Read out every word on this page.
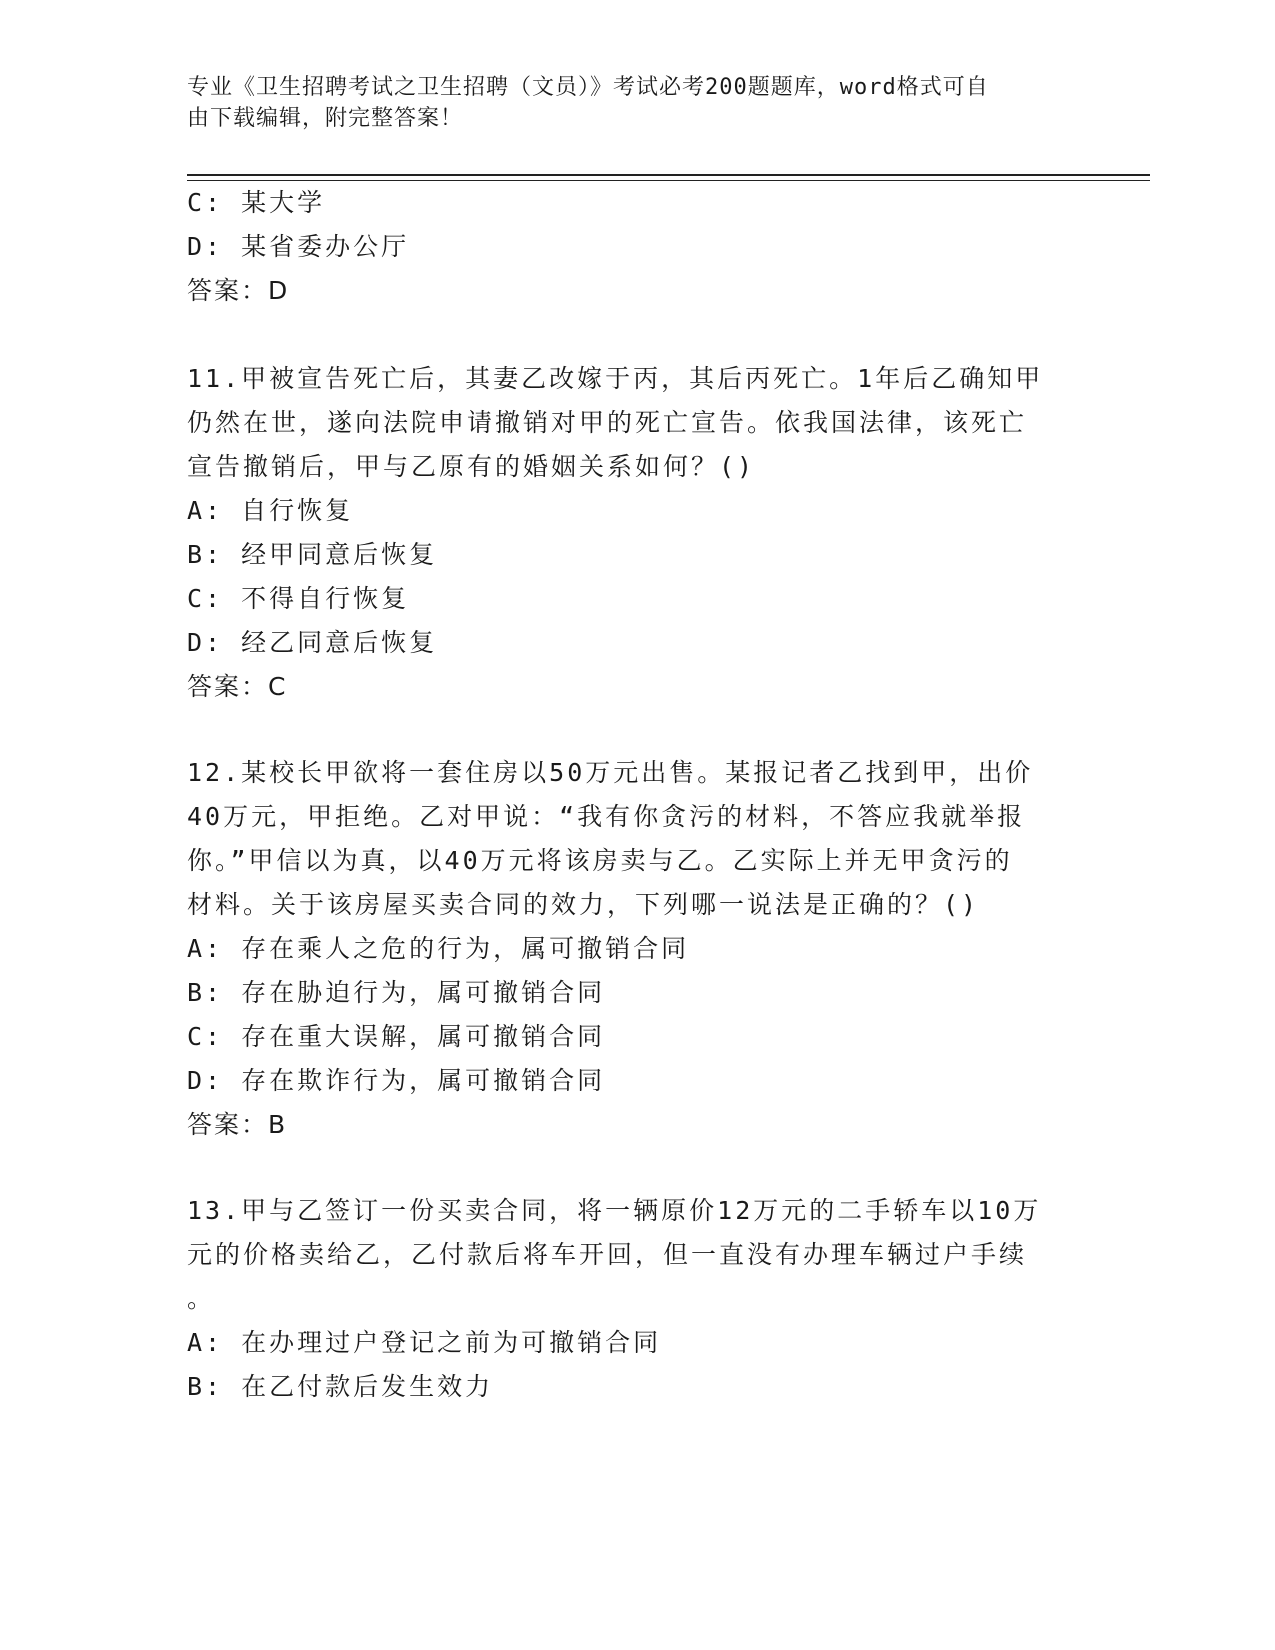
专业《卫生招聘考试之卫生招聘（文员）》考试必考200题题库，word格式可自
由下载编辑，附完整答案！
C: 某大学
D: 某省委办公厅
答案：D
11.甲被宣告死亡后，其妻乙改嫁于丙，其后丙死亡。1年后乙确知甲
仍然在世，遂向法院申请撤销对甲的死亡宣告。依我国法律，该死亡
宣告撤销后，甲与乙原有的婚姻关系如何？()
A: 自行恢复
B: 经甲同意后恢复
C: 不得自行恢复
D: 经乙同意后恢复
答案：C
12.某校长甲欲将一套住房以50万元出售。某报记者乙找到甲，出价
40万元，甲拒绝。乙对甲说：“我有你贪污的材料，不答应我就举报
你。”甲信以为真，以40万元将该房卖与乙。乙实际上并无甲贪污的
材料。关于该房屋买卖合同的效力，下列哪一说法是正确的？()
A: 存在乘人之危的行为，属可撤销合同
B: 存在胁迫行为，属可撤销合同
C: 存在重大误解，属可撤销合同
D: 存在欺诈行为，属可撤销合同
答案：B
13.甲与乙签订一份买卖合同，将一辆原价12万元的二手轿车以10万
元的价格卖给乙，乙付款后将车开回，但一直没有办理车辆过户手续
。
A: 在办理过户登记之前为可撤销合同
B: 在乙付款后发生效力
